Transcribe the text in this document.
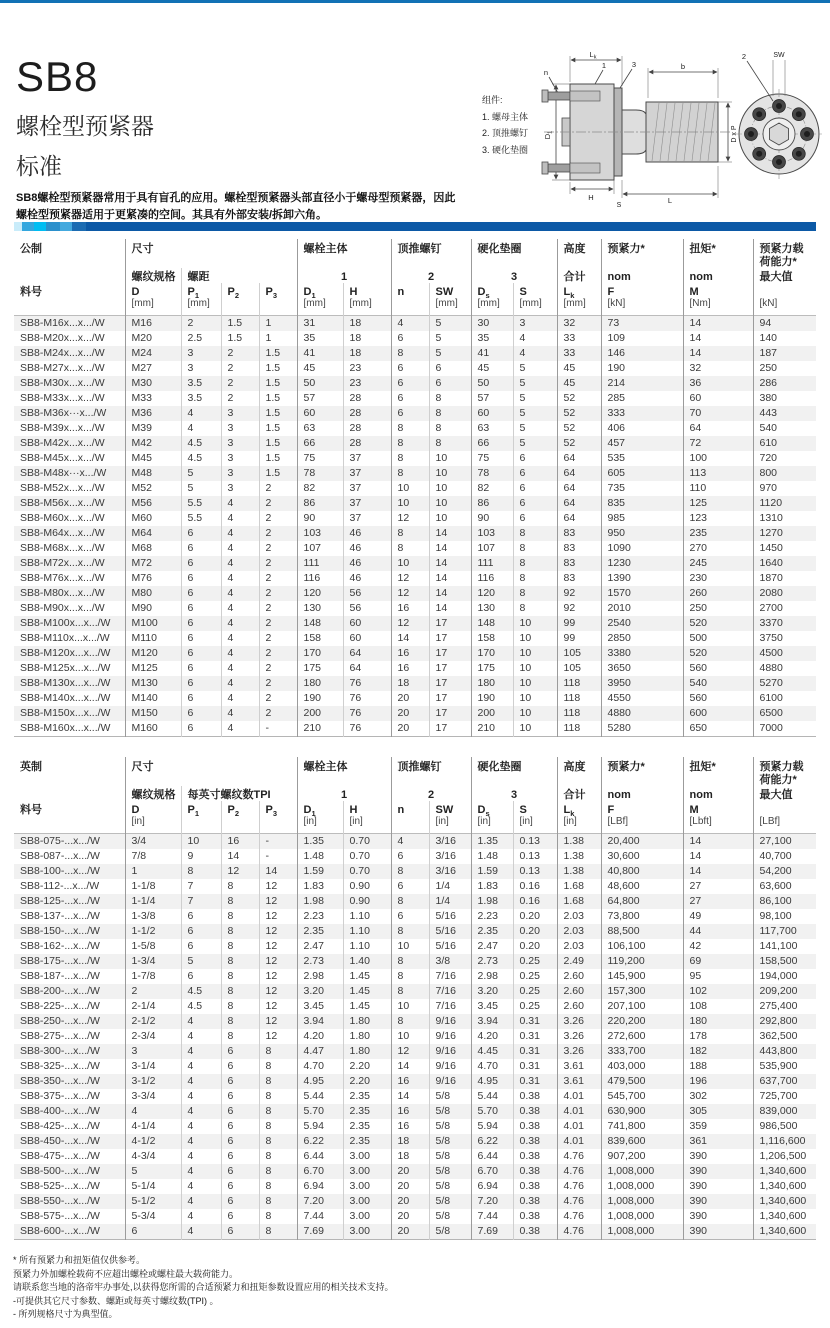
SB8
螺栓型预紧器
标准
SB8螺栓型预紧器常用于具有盲孔的应用。螺栓型预紧器头部直径小于螺母型预紧器，因此螺栓型预紧器适用于更紧凑的空间。其具有外部安装/拆卸六角。
组件:
1. 螺母主体
2. 顶推螺钉
3. 硬化垫圈
$L_k$
b
1	3
n
H
S
L
$D_1$	D x P
2	SW
公制	尺寸				螺栓主体		顶推螺钉		硬化垫圈		高度	预紧力*	扭矩*	预紧力载荷能力*
	螺纹规格	螺距			1		2		3		合计	nom	nom	最大值
料号	D	$P_1$	$P_2$	$P_3$	$D_1$	H	n	SW	$D_s$	S	$L_k$	F	M	
	[mm]	[mm]			[mm]	[mm]		[mm]	[mm]	[mm]	[mm]	[kN]	[Nm]	[kN]
SB8-M16x...x.../W	M16	2	1.5	1	31	18	4	5	30	3	32	73	14	94
SB8-M20x...x.../W	M20	2.5	1.5	1	35	18	6	5	35	4	33	109	14	140
SB8-M24x...x.../W	M24	3	2	1.5	41	18	8	5	41	4	33	146	14	187
SB8-M27x...x.../W	M27	3	2	1.5	45	23	6	6	45	5	45	190	32	250
SB8-M30x...x.../W	M30	3.5	2	1.5	50	23	6	6	50	5	45	214	36	286
SB8-M33x...x.../W	M33	3.5	2	1.5	57	28	6	8	57	5	52	285	60	380
SB8-M36x···x.../W	M36	4	3	1.5	60	28	6	8	60	5	52	333	70	443
SB8-M39x...x.../W	M39	4	3	1.5	63	28	8	8	63	5	52	406	64	540
SB8-M42x...x.../W	M42	4.5	3	1.5	66	28	8	8	66	5	52	457	72	610
SB8-M45x...x.../W	M45	4.5	3	1.5	75	37	8	10	75	6	64	535	100	720
SB8-M48x···x.../W	M48	5	3	1.5	78	37	8	10	78	6	64	605	113	800
SB8-M52x...x.../W	M52	5	3	2	82	37	10	10	82	6	64	735	110	970
SB8-M56x...x.../W	M56	5.5	4	2	86	37	10	10	86	6	64	835	125	1120
SB8-M60x...x.../W	M60	5.5	4	2	90	37	12	10	90	6	64	985	123	1310
SB8-M64x...x.../W	M64	6	4	2	103	46	8	14	103	8	83	950	235	1270
SB8-M68x...x.../W	M68	6	4	2	107	46	8	14	107	8	83	1090	270	1450
SB8-M72x...x.../W	M72	6	4	2	111	46	10	14	111	8	83	1230	245	1640
SB8-M76x...x.../W	M76	6	4	2	116	46	12	14	116	8	83	1390	230	1870
SB8-M80x...x.../W	M80	6	4	2	120	56	12	14	120	8	92	1570	260	2080
SB8-M90x...x.../W	M90	6	4	2	130	56	16	14	130	8	92	2010	250	2700
SB8-M100x...x.../W	M100	6	4	2	148	60	12	17	148	10	99	2540	520	3370
SB8-M110x...x.../W	M110	6	4	2	158	60	14	17	158	10	99	2850	500	3750
SB8-M120x...x.../W	M120	6	4	2	170	64	16	17	170	10	105	3380	520	4500
SB8-M125x...x.../W	M125	6	4	2	175	64	16	17	175	10	105	3650	560	4880
SB8-M130x...x.../W	M130	6	4	2	180	76	18	17	180	10	118	3950	540	5270
SB8-M140x...x.../W	M140	6	4	2	190	76	20	17	190	10	118	4550	560	6100
SB8-M150x...x.../W	M150	6	4	2	200	76	20	17	200	10	118	4880	600	6500
SB8-M160x...x.../W	M160	6	4	-	210	76	20	17	210	10	118	5280	650	7000
英制	尺寸				螺栓主体		顶推螺钉		硬化垫圈		高度	预紧力*	扭矩*	预紧力载荷能力*
	螺纹规格	每英寸螺纹数TPI			1		2		3		合计	nom	nom	最大值
料号	D	$P_1$	$P_2$	$P_3$	$D_1$	H	n	SW	$D_s$	S	$L_k$	F	M	
	[in]				[in]	[in]		[in]	[in]	[in]	[in]	[LBf]	[Lbft]	[LBf]
SB8-075-...x.../W	3/4	10	16	-	1.35	0.70	4	3/16	1.35	0.13	1.38	20,400	14	27,100
SB8-087-...x.../W	7/8	9	14	-	1.48	0.70	6	3/16	1.48	0.13	1.38	30,600	14	40,700
SB8-100-...x.../W	1	8	12	14	1.59	0.70	8	3/16	1.59	0.13	1.38	40,800	14	54,200
SB8-112-...x.../W	1-1/8	7	8	12	1.83	0.90	6	1/4	1.83	0.16	1.68	48,600	27	63,600
SB8-125-...x.../W	1-1/4	7	8	12	1.98	0.90	8	1/4	1.98	0.16	1.68	64,800	27	86,100
SB8-137-...x.../W	1-3/8	6	8	12	2.23	1.10	6	5/16	2.23	0.20	2.03	73,800	49	98,100
SB8-150-...x.../W	1-1/2	6	8	12	2.35	1.10	8	5/16	2.35	0.20	2.03	88,500	44	117,700
SB8-162-...x.../W	1-5/8	6	8	12	2.47	1.10	10	5/16	2.47	0.20	2.03	106,100	42	141,100
SB8-175-...x.../W	1-3/4	5	8	12	2.73	1.40	8	3/8	2.73	0.25	2.49	119,200	69	158,500
SB8-187-...x.../W	1-7/8	6	8	12	2.98	1.45	8	7/16	2.98	0.25	2.60	145,900	95	194,000
SB8-200-...x.../W	2	4.5	8	12	3.20	1.45	8	7/16	3.20	0.25	2.60	157,300	102	209,200
SB8-225-...x.../W	2-1/4	4.5	8	12	3.45	1.45	10	7/16	3.45	0.25	2.60	207,100	108	275,400
SB8-250-...x.../W	2-1/2	4	8	12	3.94	1.80	8	9/16	3.94	0.31	3.26	220,200	180	292,800
SB8-275-...x.../W	2-3/4	4	8	12	4.20	1.80	10	9/16	4.20	0.31	3.26	272,600	178	362,500
SB8-300-...x.../W	3	4	6	8	4.47	1.80	12	9/16	4.45	0.31	3.26	333,700	182	443,800
SB8-325-...x.../W	3-1/4	4	6	8	4.70	2.20	14	9/16	4.70	0.31	3.61	403,000	188	535,900
SB8-350-...x.../W	3-1/2	4	6	8	4.95	2.20	16	9/16	4.95	0.31	3.61	479,500	196	637,700
SB8-375-...x.../W	3-3/4	4	6	8	5.44	2.35	14	5/8	5.44	0.38	4.01	545,700	302	725,700
SB8-400-...x.../W	4	4	6	8	5.70	2.35	16	5/8	5.70	0.38	4.01	630,900	305	839,000
SB8-425-...x.../W	4-1/4	4	6	8	5.94	2.35	16	5/8	5.94	0.38	4.01	741,800	359	986,500
SB8-450-...x.../W	4-1/2	4	6	8	6.22	2.35	18	5/8	6.22	0.38	4.01	839,600	361	1,116,600
SB8-475-...x.../W	4-3/4	4	6	8	6.44	3.00	18	5/8	6.44	0.38	4.76	907,200	390	1,206,500
SB8-500-...x.../W	5	4	6	8	6.70	3.00	20	5/8	6.70	0.38	4.76	1,008,000	390	1,340,600
SB8-525-...x.../W	5-1/4	4	6	8	6.94	3.00	20	5/8	6.94	0.38	4.76	1,008,000	390	1,340,600
SB8-550-...x.../W	5-1/2	4	6	8	7.20	3.00	20	5/8	7.20	0.38	4.76	1,008,000	390	1,340,600
SB8-575-...x.../W	5-3/4	4	6	8	7.44	3.00	20	5/8	7.44	0.38	4.76	1,008,000	390	1,340,600
SB8-600-...x.../W	6	4	6	8	7.69	3.00	20	5/8	7.69	0.38	4.76	1,008,000	390	1,340,600
* 所有预紧力和扭矩值仅供参考。
预紧力外加螺栓载荷不应超出螺栓或螺柱最大载荷能力。
请联系您当地的洛帝牢办事处,以获得您所需的合适预紧力和扭矩参数设置应用的相关技术支持。
-可提供其它尺寸参数、螺距或每英寸螺纹数(TPI) 。
- 所列规格尺寸为典型值。
